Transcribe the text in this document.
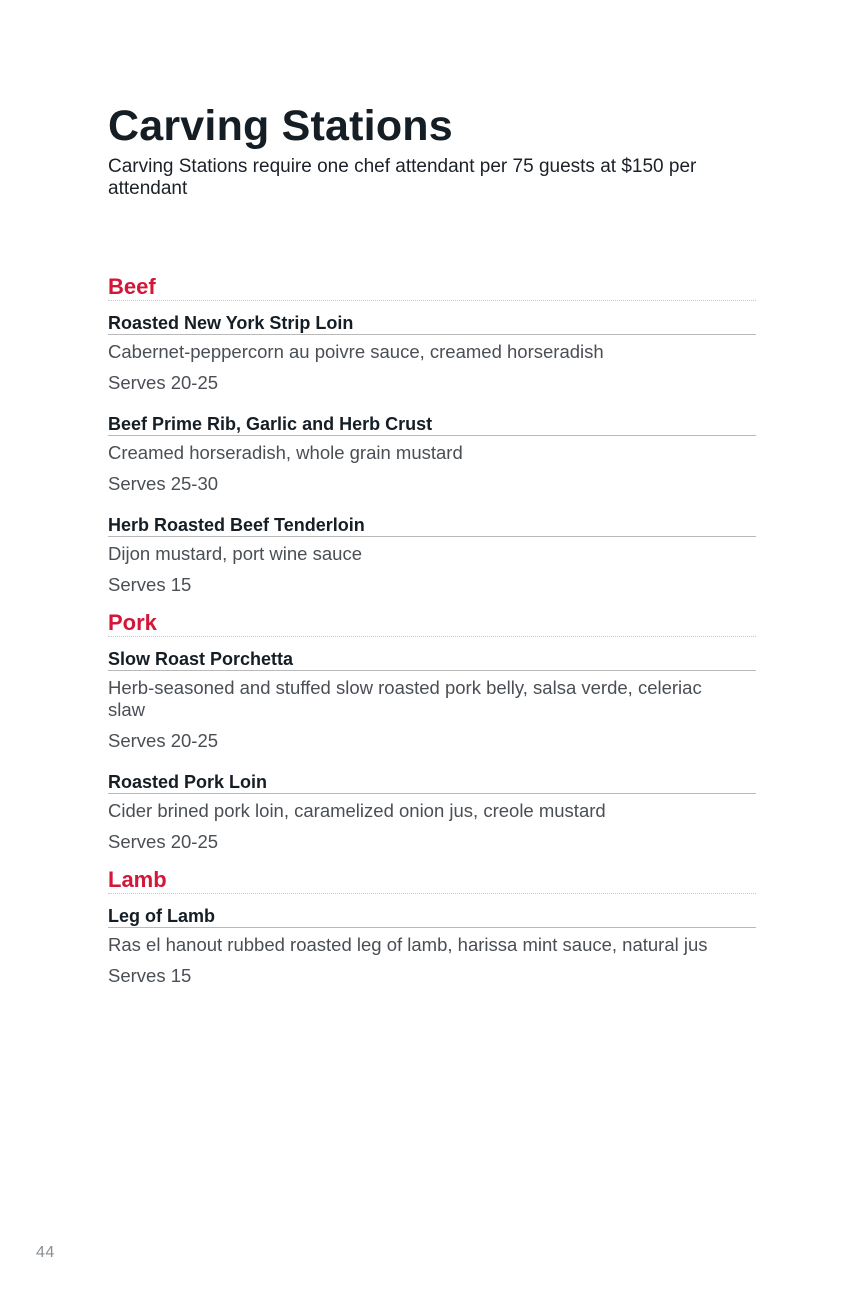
Carving Stations
Carving Stations require one chef attendant per 75 guests at $150 per attendant
Beef
Roasted New York Strip Loin
Cabernet-peppercorn au poivre sauce, creamed horseradish
Serves 20-25
Beef Prime Rib, Garlic and Herb Crust
Creamed horseradish, whole grain mustard
Serves 25-30
Herb Roasted Beef Tenderloin
Dijon mustard, port wine sauce
Serves 15
Pork
Slow Roast Porchetta
Herb-seasoned and stuffed slow roasted pork belly, salsa verde, celeriac slaw
Serves 20-25
Roasted Pork Loin
Cider brined pork loin, caramelized onion jus, creole mustard
Serves 20-25
Lamb
Leg of Lamb
Ras el hanout rubbed roasted leg of lamb, harissa mint sauce, natural jus
Serves 15
44
